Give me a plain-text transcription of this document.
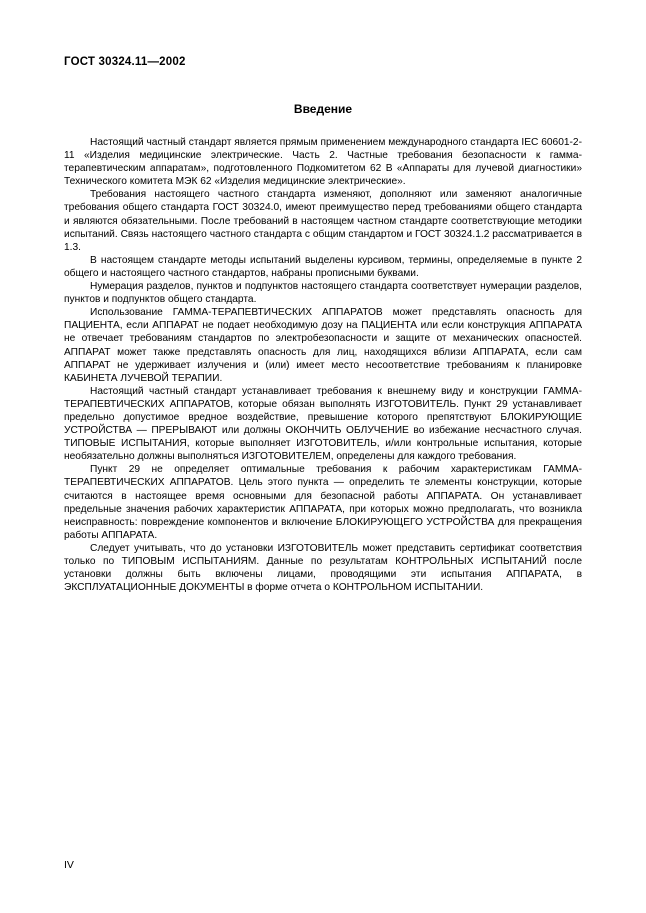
ГОСТ 30324.11—2002
Введение

Настоящий частный стандарт является прямым применением международного стандарта IEC 60601-2-11 «Изделия медицинские электрические. Часть 2. Частные требования безопасности к гамма-терапевтическим аппаратам», подготовленного Подкомитетом 62 В «Аппараты для лучевой диагностики» Технического комитета МЭК 62 «Изделия медицинские электрические».

Требования настоящего частного стандарта изменяют, дополняют или заменяют аналогичные требования общего стандарта ГОСТ 30324.0, имеют преимущество перед требованиями общего стандарта и являются обязательными. После требований в настоящем частном стандарте соответствующие методики испытаний. Связь настоящего частного стандарта с общим стандартом и ГОСТ 30324.1.2 рассматривается в 1.3.

В настоящем стандарте методы испытаний выделены курсивом, термины, определяемые в пункте 2 общего и настоящего частного стандартов, набраны прописными буквами.

Нумерация разделов, пунктов и подпунктов настоящего стандарта соответствует нумерации разделов, пунктов и подпунктов общего стандарта.

Использование ГАММА-ТЕРАПЕВТИЧЕСКИХ АППАРАТОВ может представлять опасность для ПАЦИЕНТА, если АППАРАТ не подает необходимую дозу на ПАЦИЕНТА или если конструкция АППАРАТА не отвечает требованиям стандартов по электробезопасности и защите от механических опасностей. АППАРАТ может также представлять опасность для лиц, находящихся вблизи АППАРАТА, если сам АППАРАТ не удерживает излучения и (или) имеет место несоответствие требованиям к планировке КАБИНЕТА ЛУЧЕВОЙ ТЕРАПИИ.

Настоящий частный стандарт устанавливает требования к внешнему виду и конструкции ГАММА-ТЕРАПЕВТИЧЕСКИХ АППАРАТОВ, которые обязан выполнять ИЗГОТОВИТЕЛЬ. Пункт 29 устанавливает предельно допустимое вредное воздействие, превышение которого препятствуют БЛОКИРУЮЩИЕ УСТРОЙСТВА — ПРЕРЫВАЮТ или должны ОКОНЧИТЬ ОБЛУЧЕНИЕ во избежание несчастного случая. ТИПОВЫЕ ИСПЫТАНИЯ, которые выполняет ИЗГОТОВИТЕЛЬ, и/или контрольные испытания, которые необязательно должны выполняться ИЗГОТОВИТЕЛЕМ, определены для каждого требования.

Пункт 29 не определяет оптимальные требования к рабочим характеристикам ГАММА-ТЕРАПЕВТИЧЕСКИХ АППАРАТОВ. Цель этого пункта — определить те элементы конструкции, которые считаются в настоящее время основными для безопасной работы АППАРАТА. Он устанавливает предельные значения рабочих характеристик АППАРАТА, при которых можно предполагать, что возникла неисправность: повреждение компонентов и включение БЛОКИРУЮЩЕГО УСТРОЙСТВА для прекращения работы АППАРАТА.

Следует учитывать, что до установки ИЗГОТОВИТЕЛЬ может представить сертификат соответствия только по ТИПОВЫМ ИСПЫТАНИЯМ. Данные по результатам КОНТРОЛЬНЫХ ИСПЫТАНИЙ после установки должны быть включены лицами, проводящими эти испытания АППАРАТА, в ЭКСПЛУАТАЦИОННЫЕ ДОКУМЕНТЫ в форме отчета о КОНТРОЛЬНОМ ИСПЫТАНИИ.

IV
